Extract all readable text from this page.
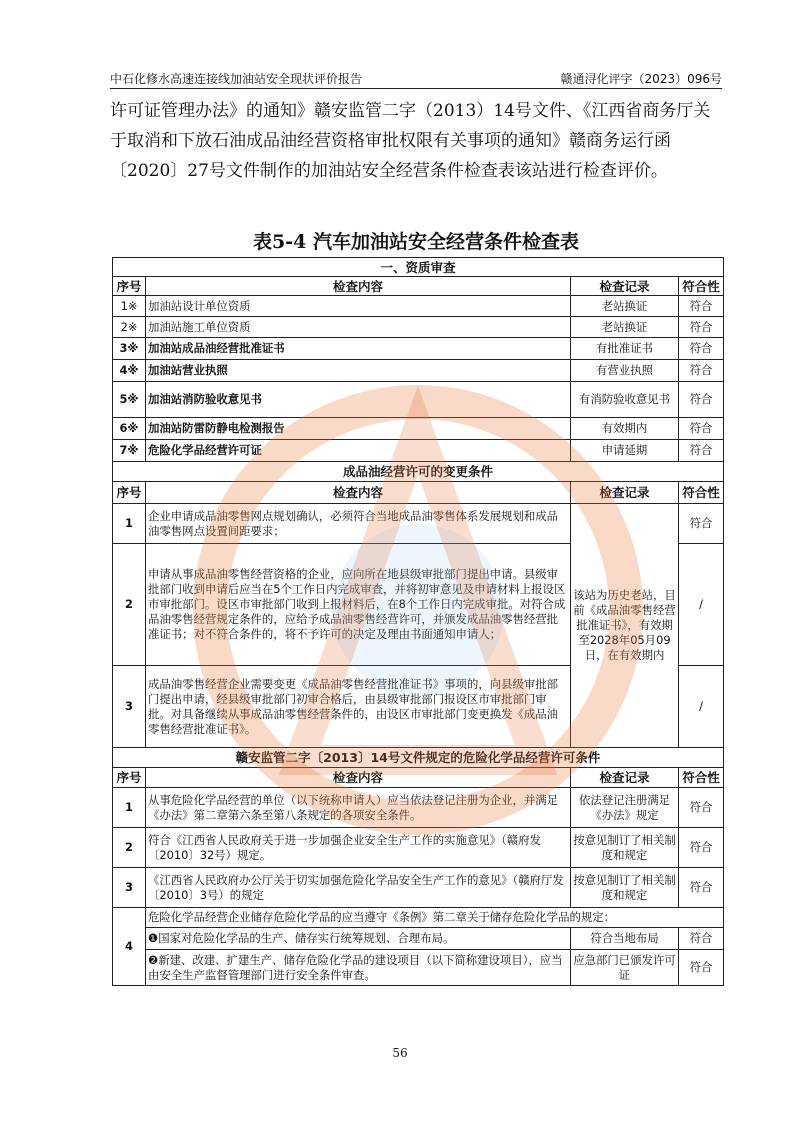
中石化修水高速连接线加油站安全现状评价报告	赣通浔化评字（2023）096号
许可证管理办法》的通知》赣安监管二字（2013）14号文件、《江西省商务厅关于取消和下放石油成品油经营资格审批权限有关事项的通知》赣商务运行函〔2020〕27号文件制作的加油站安全经营条件检查表该站进行检查评价。
表5-4 汽车加油站安全经营条件检查表
一、资质审查			
序号	检查内容	检查记录	符合性
1※	加油站设计单位资质	老站换证	符合
2※	加油站施工单位资质	老站换证	符合
3※	加油站成品油经营批准证书	有批准证书	符合
4※	加油站营业执照	有营业执照	符合
5※	加油站消防验收意见书	有消防验收意见书	符合
6※	加油站防雷防静电检测报告	有效期内	符合
7※	危险化学品经营许可证	申请延期	符合
成品油经营许可的变更条件			
序号	检查内容	检查记录	符合性
1	企业申请成品油零售网点规划确认，必须符合当地成品油零售体系发展规划和成品油零售网点设置间距要求；	该站为历史老站，目前《成品油零售经营批准证书》，有效期至2028年05月09日，在有效期内	符合
2	申请从事成品油零售经营资格的企业，应向所在地县级审批部门提出申请。县级审批部门收到申请后应当在5个工作日内完成审查，并将初审意见及申请材料上报设区市审批部门。设区市审批部门收到上报材料后，在8个工作日内完成审批。对符合成品油零售经营规定条件的，应给予成品油零售经营许可，并颁发成品油零售经营批准证书；对不符合条件的，将不予许可的决定及理由书面通知申请人；		/
3	成品油零售经营企业需要变更《成品油零售经营批准证书》事项的，向县级审批部门提出申请，经县级审批部门初审合格后，由县级审批部门报设区市审批部门审批。对具备继续从事成品油零售经营条件的，由设区市审批部门变更换发《成品油零售经营批准证书》。		/
赣安监管二字〔2013〕14号文件规定的危险化学品经营许可条件			
序号	检查内容	检查记录	符合性
1	从事危险化学品经营的单位（以下统称申请人）应当依法登记注册为企业，并满足《办法》第二章第六条至第八条规定的各项安全条件。	依法登记注册满足《办法》规定	符合
2	符合《江西省人民政府关于进一步加强企业安全生产工作的实施意见》（赣府发〔2010〕32号）规定。	按意见制订了相关制度和规定	符合
3	《江西省人民政府办公厅关于切实加强危险化学品安全生产工作的意见》（赣府厅发〔2010〕3号）的规定	按意见制订了相关制度和规定	符合
4	危险化学品经营企业储存危险化学品的应当遵守《条例》第二章关于储存危险化学品的规定：		
	❶国家对危险化学品的生产、储存实行统筹规划、合理布局。	符合当地布局	符合
	❷新建、改建、扩建生产、储存危险化学品的建设项目（以下简称建设项目），应当由安全生产监督管理部门进行安全条件审查。	应急部门已颁发许可证	符合
56
